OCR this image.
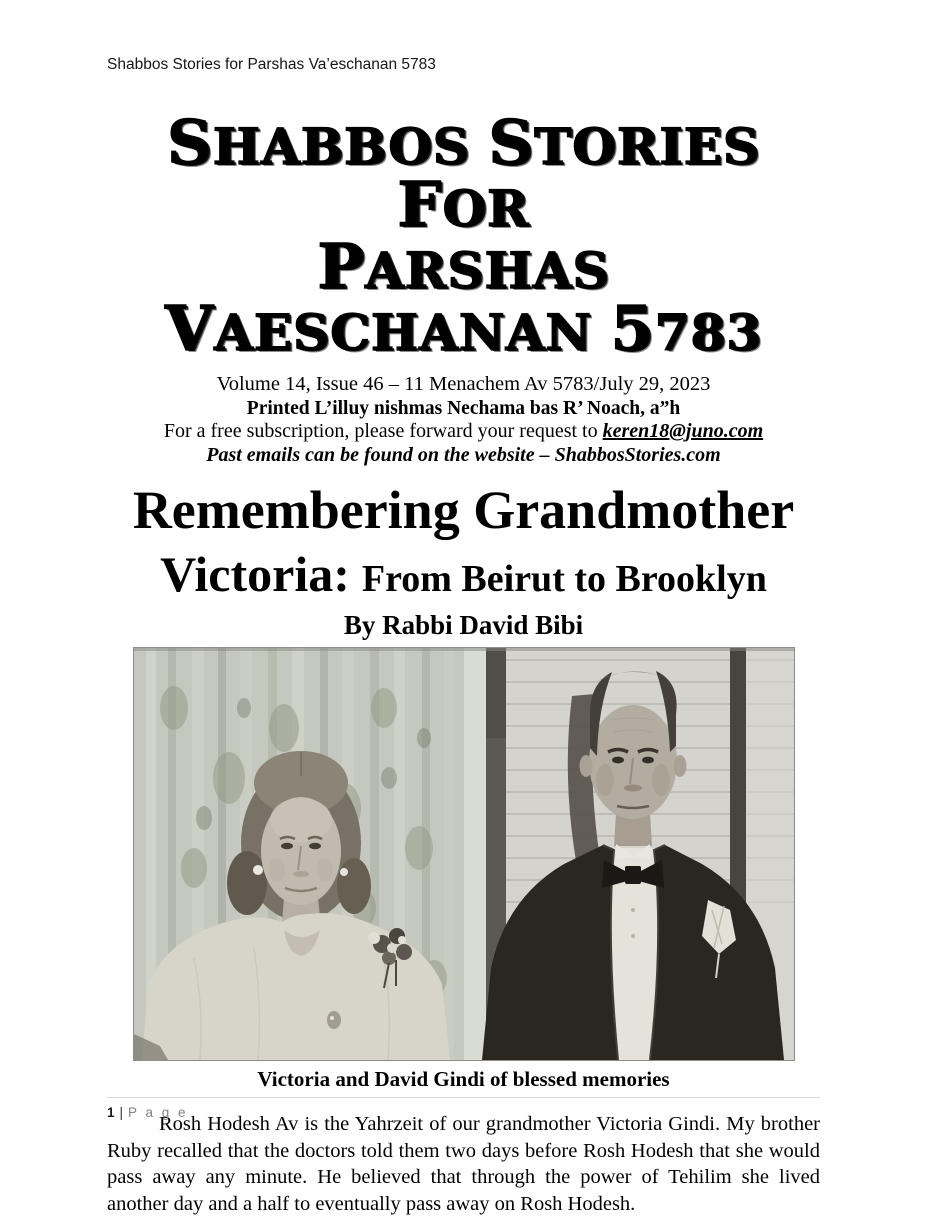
Shabbos Stories for Parshas Va’eschanan 5783
SHABBOS STORIES FOR
PARSHAS VAESCHANAN 5783
Volume 14, Issue 46 – 11 Menachem Av 5783/July 29, 2023
Printed L’illuy nishmas Nechama bas R’ Noach, a”h
For a free subscription, please forward your request to keren18@juno.com
Past emails can be found on the website – ShabbosStories.com
Remembering Grandmother
Victoria: From Beirut to Brooklyn
By Rabbi David Bibi
Victoria and David Gindi of blessed memories

Rosh Hodesh Av is the Yahrzeit of our grandmother Victoria Gindi. My brother Ruby recalled that the doctors told them two days before Rosh Hodesh that she would pass away any minute. He believed that through the power of Tehilim she lived another day and a half to eventually pass away on Rosh Hodesh.

1 | P a g e
